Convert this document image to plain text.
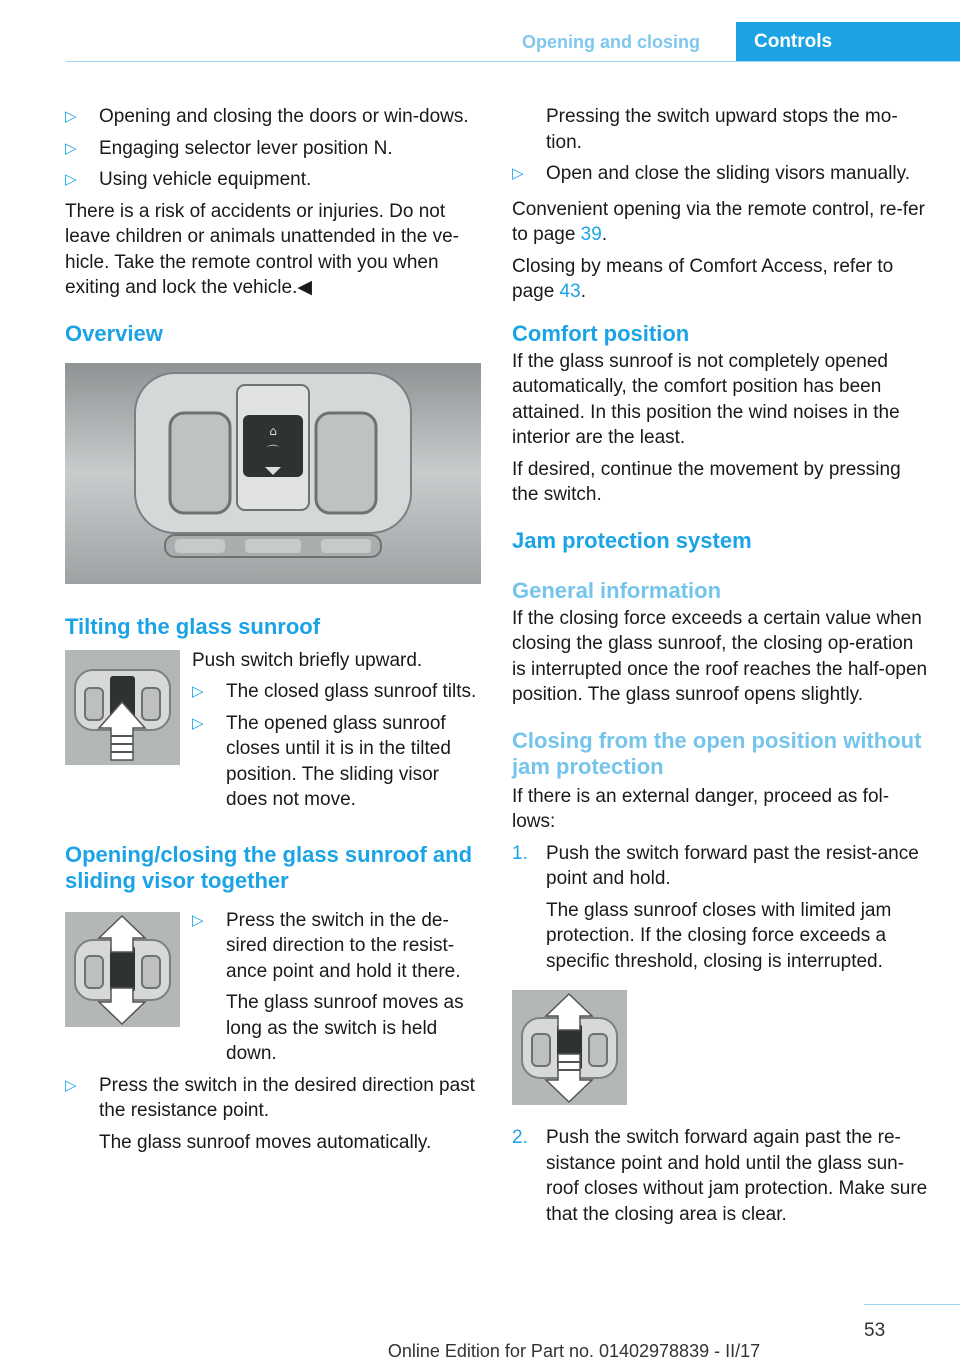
Opening and closing	Controls
▷ Opening and closing the doors or win‐dows.
▷ Engaging selector lever position N.
▷ Using vehicle equipment.

There is a risk of accidents or injuries. Do not leave children or animals unattended in the ve‐hicle. Take the remote control with you when exiting and lock the vehicle.◀

Overview
⌂
⌒
Tilting the glass sunroof

Push switch briefly upward.

▷ The closed glass sunroof tilts.
▷ The opened glass sunroof closes until it is in the tilted position. The sliding visor does not move.
Opening/closing the glass sunroof and sliding visor together
▷ Press the switch in the de‐sired direction to the resist‐ance point and hold it there.
The glass sunroof moves as long as the switch is held down.
▷ Press the switch in the desired direction past the resistance point.
The glass sunroof moves automatically.
Pressing the switch upward stops the mo‐tion.
▷ Open and close the sliding visors manually.

Convenient opening via the remote control, re‐fer to page 39.

Closing by means of Comfort Access, refer to page 43.

Comfort position

If the glass sunroof is not completely opened automatically, the comfort position has been attained. In this position the wind noises in the interior are the least.

If desired, continue the movement by pressing the switch.

Jam protection system
General information

If the closing force exceeds a certain value when closing the glass sunroof, the closing op‐eration is interrupted once the roof reaches the half-open position. The glass sunroof opens slightly.

Closing from the open position without jam protection

If there is an external danger, proceed as fol‐lows:

1. Push the switch forward past the resist‐ance point and hold.
The glass sunroof closes with limited jam protection. If the closing force exceeds a specific threshold, closing is interrupted.
2. Push the switch forward again past the re‐sistance point and hold until the glass sun‐roof closes without jam protection. Make sure that the closing area is clear.
53
Online Edition for Part no. 01402978839 - II/17
